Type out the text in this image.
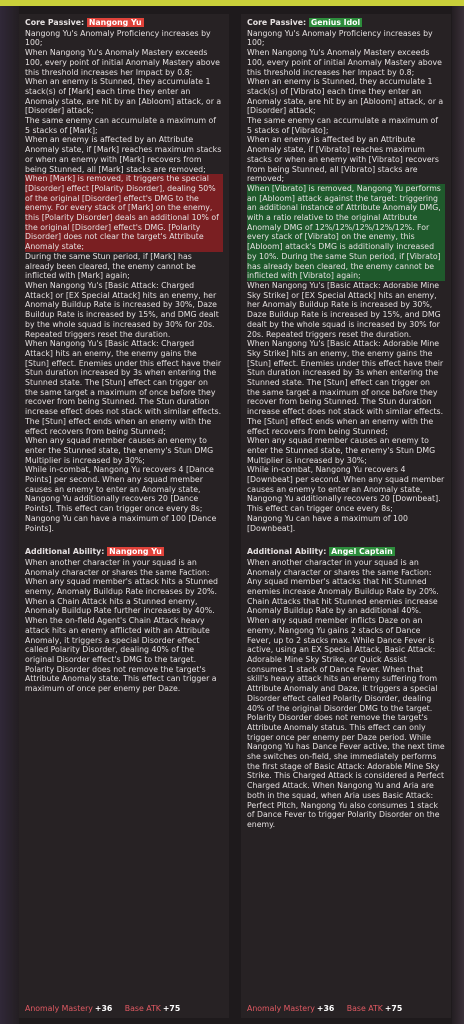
Core Passive: Nangong Yu

Nangong Yu's Anomaly Proficiency increases by 100;

When Nangong Yu's Anomaly Mastery exceeds 100, every point of initial Anomaly Mastery above this threshold increases her Impact by 0.8;

When an enemy is Stunned, they accumulate 1 stack(s) of [Mark] each time they enter an Anomaly state, are hit by an [Abloom] attack, or a [Disorder] attack;

The same enemy can accumulate a maximum of 5 stacks of [Mark];

When an enemy is affected by an Attribute Anomaly state, if [Mark] reaches maximum stacks or when an enemy with [Mark] recovers from being Stunned, all [Mark] stacks are removed;

When [Mark] is removed, it triggers the special [Disorder] effect [Polarity Disorder], dealing 50% of the original [Disorder] effect's DMG to the enemy. For every stack of [Mark] on the enemy, this [Polarity Disorder] deals an additional 10% of the original [Disorder] effect's DMG. [Polarity Disorder] does not clear the target's Attribute Anomaly state;

During the same Stun period, if [Mark] has already been cleared, the enemy cannot be inflicted with [Mark] again;

When Nangong Yu's [Basic Attack: Charged Attack] or [EX Special Attack] hits an enemy, her Anomaly Buildup Rate is increased by 30%, Daze Buildup Rate is increased by 15%, and DMG dealt by the whole squad is increased by 30% for 20s. Repeated triggers reset the duration.

When Nangong Yu's [Basic Attack: Charged Attack] hits an enemy, the enemy gains the [Stun] effect. Enemies under this effect have their Stun duration increased by 3s when entering the Stunned state. The [Stun] effect can trigger on the same target a maximum of once before they recover from being Stunned. The Stun duration increase effect does not stack with similar effects. The [Stun] effect ends when an enemy with the effect recovers from being Stunned;

When any squad member causes an enemy to enter the Stunned state, the enemy's Stun DMG Multiplier is increased by 30%;

While in-combat, Nangong Yu recovers 4 [Dance Points] per second. When any squad member causes an enemy to enter an Anomaly state, Nangong Yu additionally recovers 20 [Dance Points]. This effect can trigger once every 8s;

Nangong Yu can have a maximum of 100 [Dance Points].

Additional Ability: Nangong Yu

When another character in your squad is an Anomaly character or shares the same Faction: When any squad member's attack hits a Stunned enemy, Anomaly Buildup Rate increases by 20%. When a Chain Attack hits a Stunned enemy, Anomaly Buildup Rate further increases by 40%. When the on-field Agent's Chain Attack heavy attack hits an enemy afflicted with an Attribute Anomaly, it triggers a special Disorder effect called Polarity Disorder, dealing 40% of the original Disorder effect's DMG to the target. Polarity Disorder does not remove the target's Attribute Anomaly state. This effect can trigger a maximum of once per enemy per Daze.

Anomaly Mastery +36 Base ATK +75
Core Passive: Genius Idol

Nangong Yu's Anomaly Proficiency increases by 100;

When Nangong Yu's Anomaly Mastery exceeds 100, every point of initial Anomaly Mastery above this threshold increases her Impact by 0.8;

When an enemy is Stunned, they accumulate 1 stack(s) of [Vibrato] each time they enter an Anomaly state, are hit by an [Abloom] attack, or a [Disorder] attack;

The same enemy can accumulate a maximum of 5 stacks of [Vibrato];

When an enemy is affected by an Attribute Anomaly state, if [Vibrato] reaches maximum stacks or when an enemy with [Vibrato] recovers from being Stunned, all [Vibrato] stacks are removed;

When [Vibrato] is removed, Nangong Yu performs an [Abloom] attack against the target: triggering an additional instance of Attribute Anomaly DMG, with a ratio relative to the original Attribute Anomaly DMG of 12%/12%/12%/12%/12%. For every stack of [Vibrato] on the enemy, this [Abloom] attack's DMG is additionally increased by 10%. During the same Stun period, if [Vibrato] has already been cleared, the enemy cannot be inflicted with [Vibrato] again;

When Nangong Yu's [Basic Attack: Adorable Mine Sky Strike] or [EX Special Attack] hits an enemy, her Anomaly Buildup Rate is increased by 30%, Daze Buildup Rate is increased by 15%, and DMG dealt by the whole squad is increased by 30% for 20s. Repeated triggers reset the duration.

When Nangong Yu's [Basic Attack: Adorable Mine Sky Strike] hits an enemy, the enemy gains the [Stun] effect. Enemies under this effect have their Stun duration increased by 3s when entering the Stunned state. The [Stun] effect can trigger on the same target a maximum of once before they recover from being Stunned. The Stun duration increase effect does not stack with similar effects. The [Stun] effect ends when an enemy with the effect recovers from being Stunned;

When any squad member causes an enemy to enter the Stunned state, the enemy's Stun DMG Multiplier is increased by 30%;

While in-combat, Nangong Yu recovers 4 [Downbeat] per second. When any squad member causes an enemy to enter an Anomaly state, Nangong Yu additionally recovers 20 [Downbeat]. This effect can trigger once every 8s;

Nangong Yu can have a maximum of 100 [Downbeat].

Additional Ability: Angel Captain

When another character in your squad is an Anomaly character or shares the same Faction: Any squad member's attacks that hit Stunned enemies increase Anomaly Buildup Rate by 20%. Chain Attacks that hit Stunned enemies increase Anomaly Buildup Rate by an additional 40%. When any squad member inflicts Daze on an enemy, Nangong Yu gains 2 stacks of Dance Fever, up to 2 stacks max. While Dance Fever is active, using an EX Special Attack, Basic Attack: Adorable Mine Sky Strike, or Quick Assist consumes 1 stack of Dance Fever. When that skill's heavy attack hits an enemy suffering from Attribute Anomaly and Daze, it triggers a special Disorder effect called Polarity Disorder, dealing 40% of the original Disorder DMG to the target. Polarity Disorder does not remove the target's Attribute Anomaly status. This effect can only trigger once per enemy per Daze period. While Nangong Yu has Dance Fever active, the next time she switches on-field, she immediately performs the first stage of Basic Attack: Adorable Mine Sky Strike. This Charged Attack is considered a Perfect Charged Attack. When Nangong Yu and Aria are both in the squad, when Aria uses Basic Attack: Perfect Pitch, Nangong Yu also consumes 1 stack of Dance Fever to trigger Polarity Disorder on the enemy.

Anomaly Mastery +36 Base ATK +75
